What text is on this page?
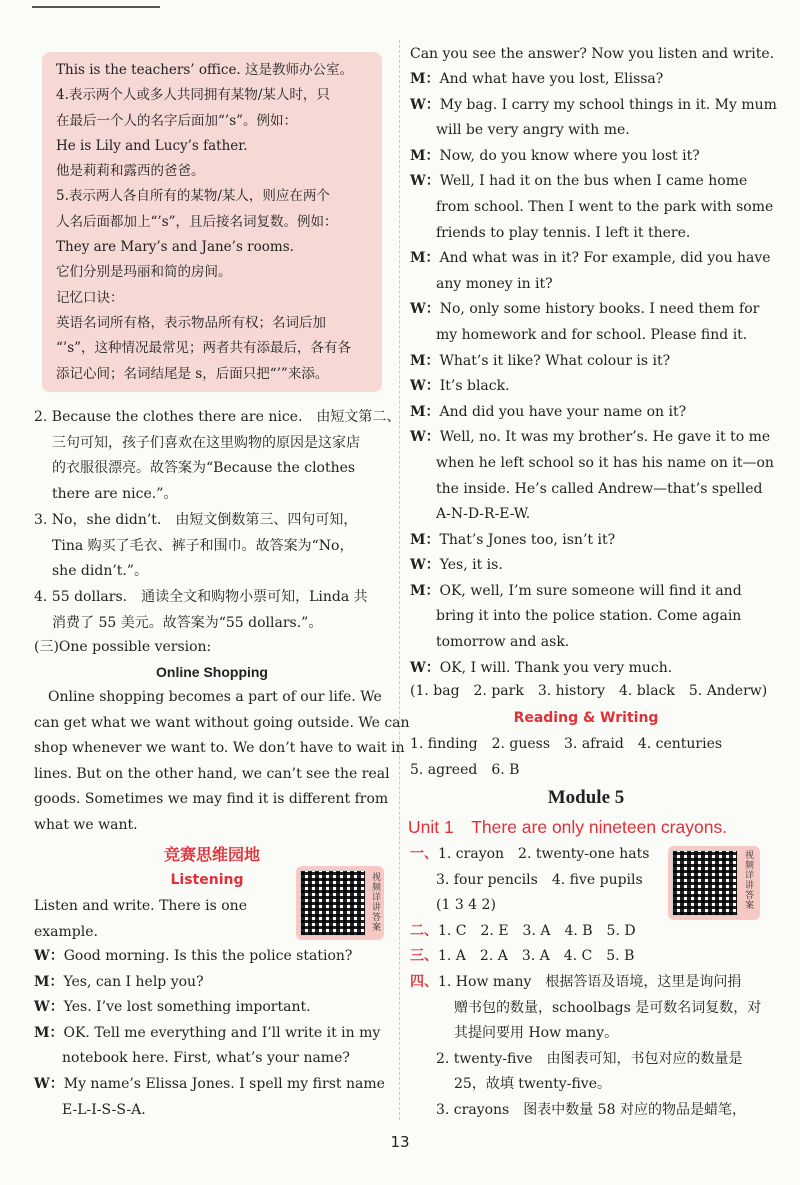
This is the teachers’ office. 这是教师办公室。
4.表示两个人或多人共同拥有某物/某人时，只
在最后一个人的名字后面加“’s”。例如：
He is Lily and Lucy’s father.
他是莉莉和露西的爸爸。
5.表示两人各自所有的某物/某人，则应在两个
人名后面都加上“’s”，且后接名词复数。例如：
They are Mary’s and Jane’s rooms.
它们分别是玛丽和简的房间。
记忆口诀：
英语名词所有格，表示物品所有权；名词后加
“’s”，这种情况最常见；两者共有添最后，各有各
添记心间；名词结尾是 s，后面只把“’”来添。
2. Because the clothes there are nice.　由短文第二、
三句可知，孩子们喜欢在这里购物的原因是这家店
的衣服很漂亮。故答案为“Because the clothes
there are nice.”。
3. No，she didn’t.　由短文倒数第三、四句可知，
Tina 购买了毛衣、裤子和围巾。故答案为“No，
she didn’t.”。
4. 55 dollars.　通读全文和购物小票可知，Linda 共
消费了 55 美元。故答案为“55 dollars.”。
(三)One possible version:
Online Shopping
　Online shopping becomes a part of our life. We
can get what we want without going outside. We can
shop whenever we want to. We don’t have to wait in
lines. But on the other hand, we can’t see the real
goods. Sometimes we may find it is different from
what we want.
竞赛思维园地
Listening	视频详讲答案
Listen and write. There is one
example.
W：Good morning. Is this the police station?
M：Yes, can I help you?
W：Yes. I’ve lost something important.
M：OK. Tell me everything and I’ll write it in my
notebook here. First, what’s your name?
W：My name’s Elissa Jones. I spell my first name
E-L-I-S-S-A.
Can you see the answer? Now you listen and write.
M：And what have you lost, Elissa?
W：My bag. I carry my school things in it. My mum
will be very angry with me.
M：Now, do you know where you lost it?
W：Well, I had it on the bus when I came home
from school. Then I went to the park with some
friends to play tennis. I left it there.
M：And what was in it? For example, did you have
any money in it?
W：No, only some history books. I need them for
my homework and for school. Please find it.
M：What’s it like? What colour is it?
W：It’s black.
M：And did you have your name on it?
W：Well, no. It was my brother’s. He gave it to me
when he left school so it has his name on it—on
the inside. He’s called Andrew—that’s spelled
A-N-D-R-E-W.
M：That’s Jones too, isn’t it?
W：Yes, it is.
M：OK, well, I’m sure someone will find it and
bring it into the police station. Come again
tomorrow and ask.
W：OK, I will. Thank you very much.
(1. bag　2. park　3. history　4. black　5. Anderw)
Reading & Writing
1. finding　2. guess　3. afraid　4. centuries
5. agreed　6. B
Module 5
Unit 1　There are only nineteen crayons.
视频详讲答案
一、1. crayon　2. twenty-one hats
3. four pencils　4. five pupils
(1 3 4 2)
二、1. C　2. E　3. A　4. B　5. D
三、1. A　2. A　3. A　4. C　5. B
四、1. How many　根据答语及语境，这里是询问捐
赠书包的数量，schoolbags 是可数名词复数，对
其提问要用 How many。
2. twenty-five　由图表可知，书包对应的数量是
25，故填 twenty-five。
3. crayons　图表中数量 58 对应的物品是蜡笔，
13
